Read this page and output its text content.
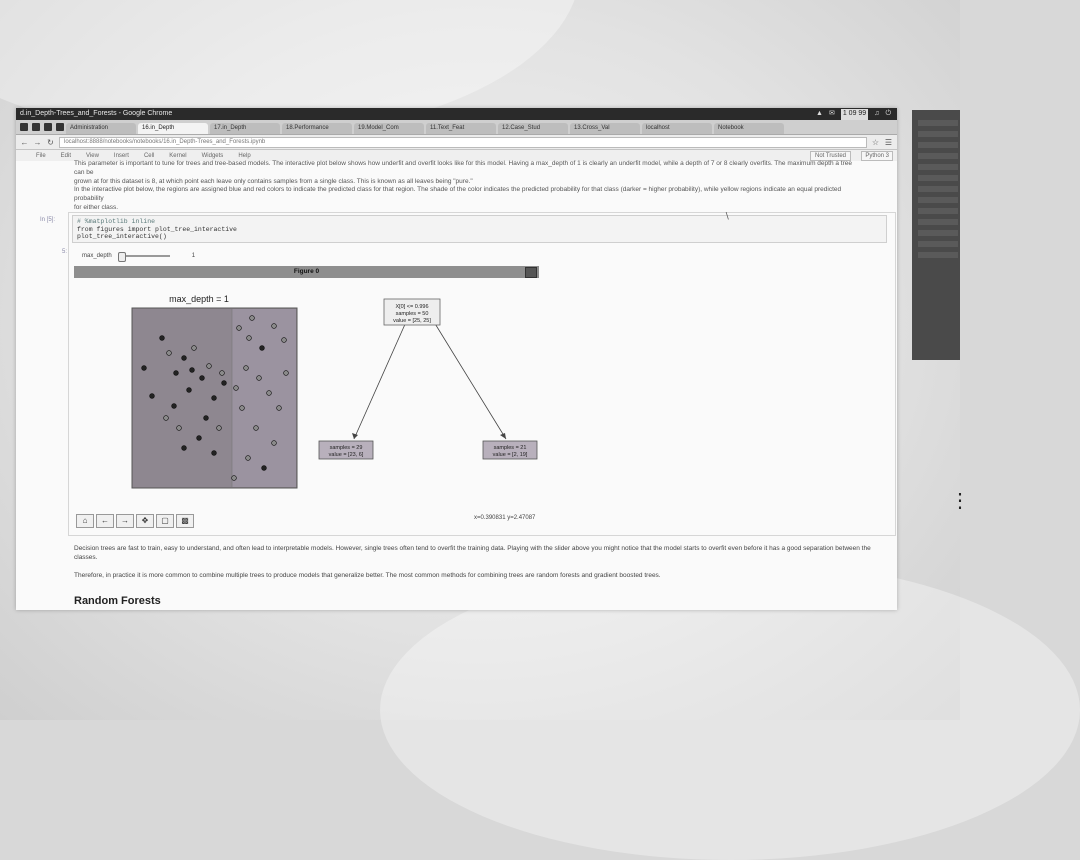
⋮
d.in_Depth-Trees_and_Forests - Google Chrome	▲ ✉ 1 09 99 ♫ ⏻
Administration	16.in_Depth	17.in_Depth	18.Performance	19.Model_Com	11.Text_Feat	12.Case_Stud	13.Cross_Val	localhost	Notebook
← → ↻	localhost:8888/notebooks/notebooks/16.in_Depth-Trees_and_Forests.ipynb	☆ ☰
File	Edit	View	Insert	Cell	Kernel	Widgets	Help	Not Trusted	Python 3
This parameter is important to tune for trees and tree-based models. The interactive plot below shows how underfit and overfit looks like for this model. Having a max_depth of 1 is clearly an underfit model, while a depth of 7 or 8 clearly overfits. The maximum depth a tree can be
grown at for this dataset is 8, at which point each leave only contains samples from a single class. This is known as all leaves being "pure."
In the interactive plot below, the regions are assigned blue and red colors to indicate the predicted class for that region. The shade of the color indicates the predicted probability for that class (darker = higher probability), while yellow regions indicate an equal predicted probability
for either class.
In [5]:	# %matplotlib inline
from figures import plot_tree_interactive
plot_tree_interactive()
∖
5:
max_depth	1
Figure 0
max_depth = 1
X[0] <= 0.996
samples = 50
value = [25, 25]
samples = 29
value = [23, 6]
samples = 21
value = [2, 19]
⌂	←	→	✥	▢	▩	x=0.390831 y=2.47087
Decision trees are fast to train, easy to understand, and often lead to interpretable models. However, single trees often tend to overfit the training data. Playing with the slider above you might notice that the model starts to overfit even before it has a good separation between the
classes.
Therefore, in practice it is more common to combine multiple trees to produce models that generalize better. The most common methods for combining trees are random forests and gradient boosted trees.
Random Forests
